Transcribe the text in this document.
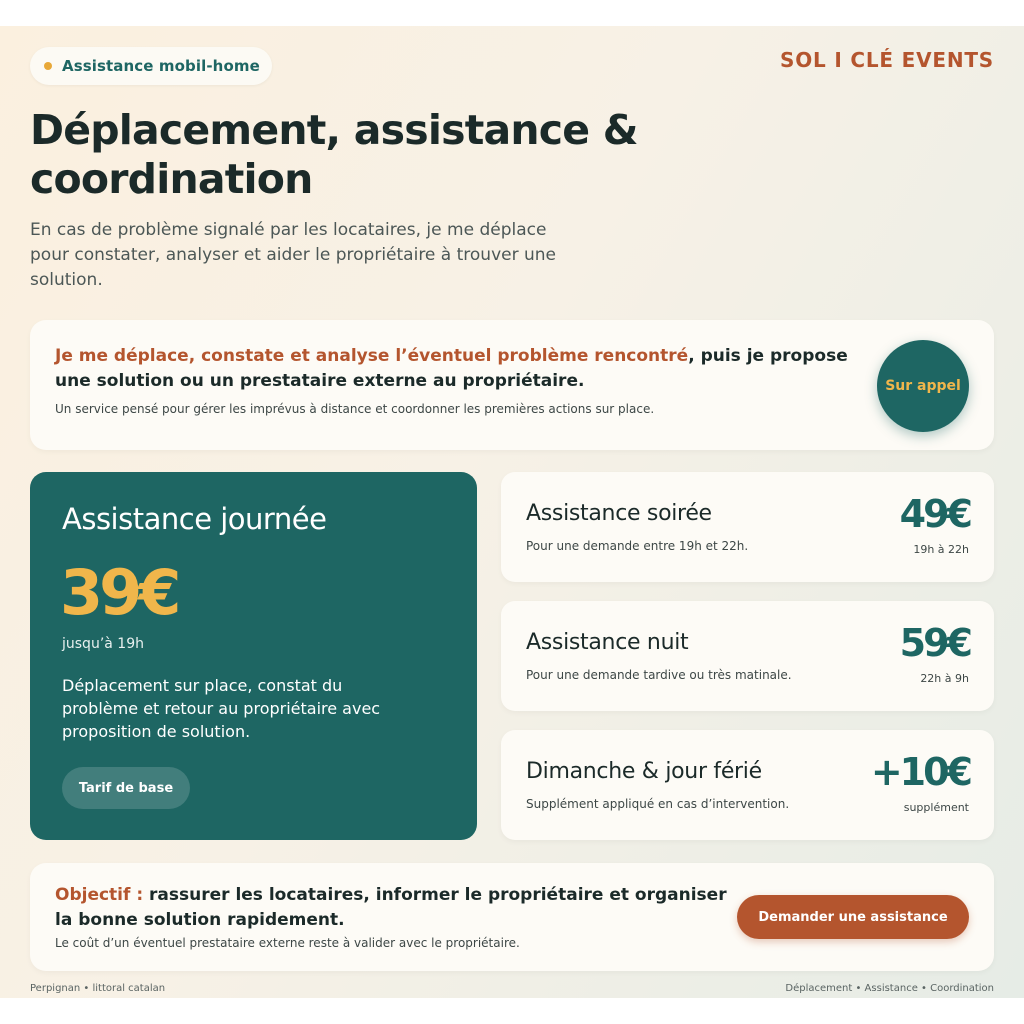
Assistance mobil-home	SOL I CLÉ EVENTS
Déplacement, assistance & coordination
En cas de problème signalé par les locataires, je me déplace pour constater, analyser et aider le propriétaire à trouver une solution.
Je me déplace, constate et analyse l’éventuel problème rencontré, puis je propose une solution ou un prestataire externe au propriétaire.
Un service pensé pour gérer les imprévus à distance et coordonner les premières actions sur place.
Sur appel
Assistance journée
39€
jusqu’à 19h
Déplacement sur place, constat du problème et retour au propriétaire avec proposition de solution.
Tarif de base
Assistance soirée
Pour une demande entre 19h et 22h.
49€
19h à 22h
Assistance nuit
Pour une demande tardive ou très matinale.
59€
22h à 9h
Dimanche & jour férié
Supplément appliqué en cas d’intervention.
+10€
supplément
Objectif : rassurer les locataires, informer le propriétaire et organiser la bonne solution rapidement.
Le coût d’un éventuel prestataire externe reste à valider avec le propriétaire.
Demander une assistance
Perpignan • littoral catalan	Déplacement • Assistance • Coordination
